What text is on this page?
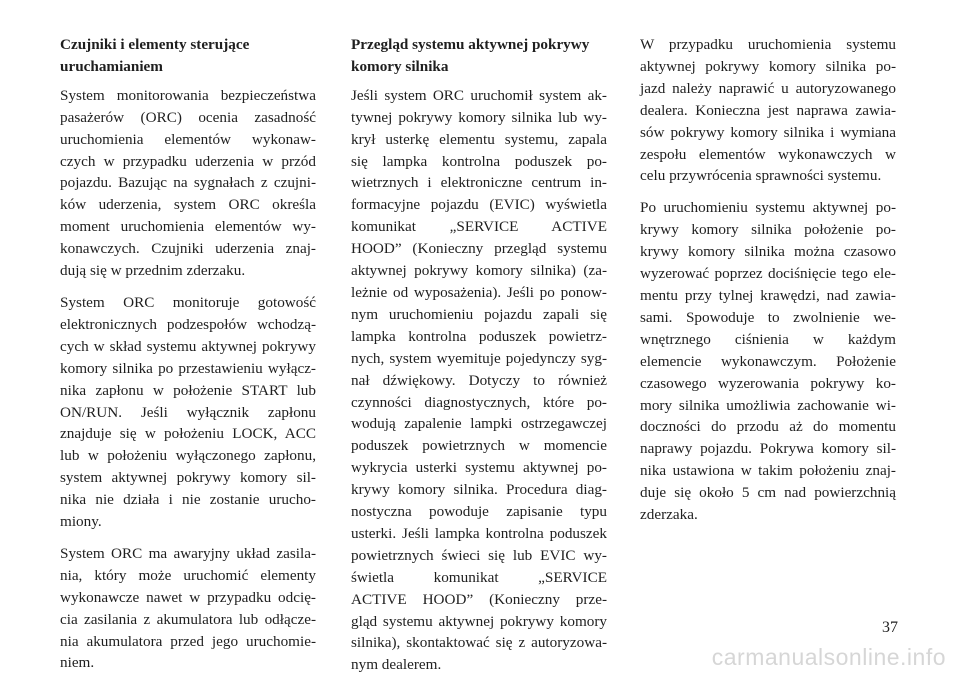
Czujniki i elementy sterujące
uruchamianiem
System monitorowania bezpieczeństwa
pasażerów (ORC) ocenia zasadność
uruchomienia elementów wykonaw-
czych w przypadku uderzenia w przód
pojazdu. Bazując na sygnałach z czujni-
ków uderzenia, system ORC określa
moment uruchomienia elementów wy-
konawczych. Czujniki uderzenia znaj-
dują się w przednim zderzaku.
System ORC monitoruje gotowość
elektronicznych podzespołów wchodzą-
cych w skład systemu aktywnej pokrywy
komory silnika po przestawieniu wyłącz-
nika zapłonu w położenie START lub
ON/RUN. Jeśli wyłącznik zapłonu
znajduje się w położeniu LOCK, ACC
lub w położeniu wyłączonego zapłonu,
system aktywnej pokrywy komory sil-
nika nie działa i nie zostanie urucho-
miony.
System ORC ma awaryjny układ zasila-
nia, który może uruchomić elementy
wykonawcze nawet w przypadku odcię-
cia zasilania z akumulatora lub odłącze-
nia akumulatora przed jego uruchomie-
niem.
Przegląd systemu aktywnej pokrywy
komory silnika
Jeśli system ORC uruchomił system ak-
tywnej pokrywy komory silnika lub wy-
krył usterkę elementu systemu, zapala
się lampka kontrolna poduszek po-
wietrznych i elektroniczne centrum in-
formacyjne pojazdu (EVIC) wyświetla
komunikat „SERVICE ACTIVE
HOOD” (Konieczny przegląd systemu
aktywnej pokrywy komory silnika) (za-
leżnie od wyposażenia). Jeśli po ponow-
nym uruchomieniu pojazdu zapali się
lampka kontrolna poduszek powietrz-
nych, system wyemituje pojedynczy syg-
nał dźwiękowy. Dotyczy to również
czynności diagnostycznych, które po-
wodują zapalenie lampki ostrzegawczej
poduszek powietrznych w momencie
wykrycia usterki systemu aktywnej po-
krywy komory silnika. Procedura diag-
nostyczna powoduje zapisanie typu
usterki. Jeśli lampka kontrolna poduszek
powietrznych świeci się lub EVIC wy-
świetla komunikat „SERVICE
ACTIVE HOOD” (Konieczny prze-
gląd systemu aktywnej pokrywy komory
silnika), skontaktować się z autoryzowa-
nym dealerem.
W przypadku uruchomienia systemu
aktywnej pokrywy komory silnika po-
jazd należy naprawić u autoryzowanego
dealera. Konieczna jest naprawa zawia-
sów pokrywy komory silnika i wymiana
zespołu elementów wykonawczych w
celu przywrócenia sprawności systemu.
Po uruchomieniu systemu aktywnej po-
krywy komory silnika położenie po-
krywy komory silnika można czasowo
wyzerować poprzez dociśnięcie tego ele-
mentu przy tylnej krawędzi, nad zawia-
sami. Spowoduje to zwolnienie we-
wnętrznego ciśnienia w każdym
elemencie wykonawczym. Położenie
czasowego wyzerowania pokrywy ko-
mory silnika umożliwia zachowanie wi-
doczności do przodu aż do momentu
naprawy pojazdu. Pokrywa komory sil-
nika ustawiona w takim położeniu znaj-
duje się około 5 cm nad powierzchnią
zderzaka.
37
carmanualsonline.info
